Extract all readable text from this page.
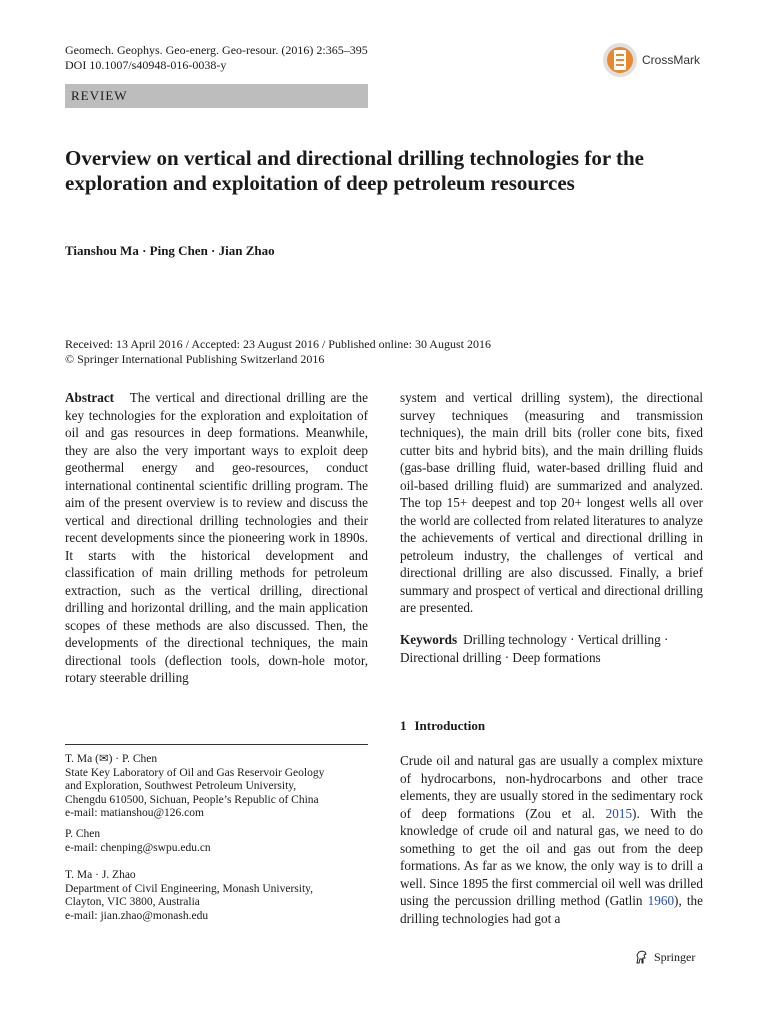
Geomech. Geophys. Geo-energ. Geo-resour. (2016) 2:365–395
DOI 10.1007/s40948-016-0038-y	CrossMark
REVIEW
Overview on vertical and directional drilling technologies for the exploration and exploitation of deep petroleum resources
Tianshou Ma · Ping Chen · Jian Zhao
Received: 13 April 2016 / Accepted: 23 August 2016 / Published online: 30 August 2016
© Springer International Publishing Switzerland 2016
Abstract The vertical and directional drilling are the key technologies for the exploration and exploitation of oil and gas resources in deep formations. Meanwhile, they are also the very important ways to exploit deep geothermal energy and geo-resources, conduct international continental scientific drilling program. The aim of the present overview is to review and discuss the vertical and directional drilling technologies and their recent developments since the pioneering work in 1890s. It starts with the historical development and classification of main drilling methods for petroleum extraction, such as the vertical drilling, directional drilling and horizontal drilling, and the main application scopes of these methods are also discussed. Then, the developments of the directional techniques, the main directional tools (deflection tools, down-hole motor, rotary steerable drilling
system and vertical drilling system), the directional survey techniques (measuring and transmission techniques), the main drill bits (roller cone bits, fixed cutter bits and hybrid bits), and the main drilling fluids (gas-base drilling fluid, water-based drilling fluid and oil-based drilling fluid) are summarized and analyzed. The top 15+ deepest and top 20+ longest wells all over the world are collected from related literatures to analyze the achievements of vertical and directional drilling in petroleum industry, the challenges of vertical and directional drilling are also discussed. Finally, a brief summary and prospect of vertical and directional drilling are presented.
Keywords Drilling technology · Vertical drilling · Directional drilling · Deep formations
1 Introduction
Crude oil and natural gas are usually a complex mixture of hydrocarbons, non-hydrocarbons and other trace elements, they are usually stored in the sedimentary rock of deep formations (Zou et al. 2015). With the knowledge of crude oil and natural gas, we need to do something to get the oil and gas out from the deep formations. As far as we know, the only way is to drill a well. Since 1895 the first commercial oil well was drilled using the percussion drilling method (Gatlin 1960), the drilling technologies had got a
T. Ma (✉) · P. Chen
State Key Laboratory of Oil and Gas Reservoir Geology
and Exploration, Southwest Petroleum University,
Chengdu 610500, Sichuan, People’s Republic of China
e-mail: matianshou@126.com
P. Chen
e-mail: chenping@swpu.edu.cn
T. Ma · J. Zhao
Department of Civil Engineering, Monash University,
Clayton, VIC 3800, Australia
e-mail: jian.zhao@monash.edu
Springer
